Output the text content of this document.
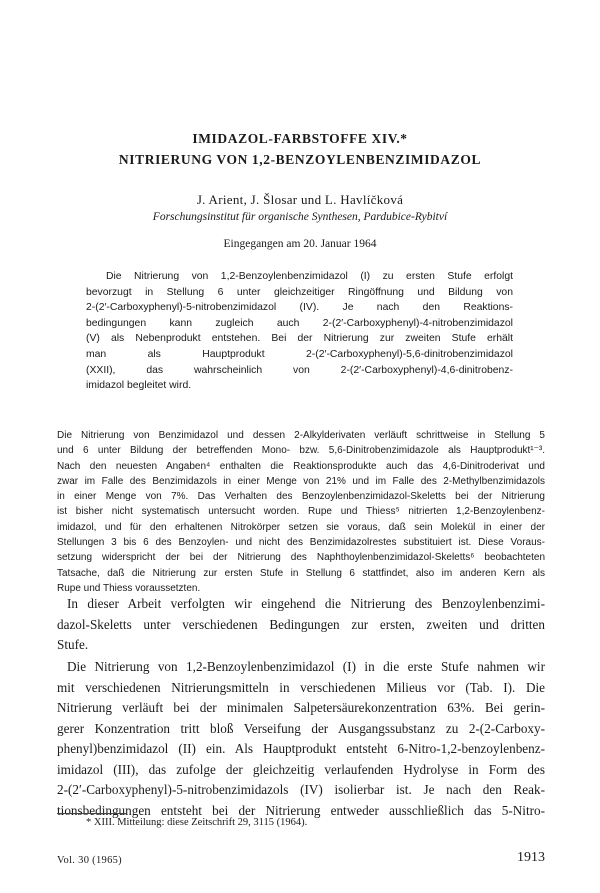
IMIDAZOL-FARBSTOFFE XIV.*
NITRIERUNG VON 1,2-BENZOYLENBENZIMIDAZOL
J. Arient, J. Šlosar und L. Havlíčková
Forschungsinstitut für organische Synthesen, Pardubice-Rybitví
Eingegangen am 20. Januar 1964
Die Nitrierung von 1,2-Benzoylenbenzimidazol (I) zu ersten Stufe erfolgt
bevorzugt in Stellung 6 unter gleichzeitiger Ringöffnung und Bildung von
2-(2′-Carboxyphenyl)-5-nitrobenzimidazol (IV). Je nach den Reaktions-
bedingungen kann zugleich auch 2-(2′-Carboxyphenyl)-4-nitrobenzimidazol
(V) als Nebenprodukt entstehen. Bei der Nitrierung zur zweiten Stufe erhält
man als Hauptprodukt 2-(2′-Carboxyphenyl)-5,6-dinitrobenzimidazol
(XXII), das wahrscheinlich von 2-(2′-Carboxyphenyl)-4,6-dinitrobenz-
imidazol begleitet wird.
Die Nitrierung von Benzimidazol und dessen 2-Alkylderivaten verläuft schrittweise in Stellung 5
und 6 unter Bildung der betreffenden Mono- bzw. 5,6-Dinitrobenzimidazole als Hauptprodukt¹⁻³.
Nach den neuesten Angaben⁴ enthalten die Reaktionsprodukte auch das 4,6-Dinitroderivat und
zwar im Falle des Benzimidazols in einer Menge von 21% und im Falle des 2-Methylbenzimidazols
in einer Menge von 7%. Das Verhalten des Benzoylenbenzimidazol-Skeletts bei der Nitrierung
ist bisher nicht systematisch untersucht worden. Rupe und Thiess⁵ nitrierten 1,2-Benzoylenbenz-
imidazol, und für den erhaltenen Nitrokörper setzen sie voraus, daß sein Molekül in einer der
Stellungen 3 bis 6 des Benzoylen- und nicht des Benzimidazolrestes substituiert ist. Diese Voraus-
setzung widerspricht der bei der Nitrierung des Naphthoylenbenzimidazol-Skeletts⁶ beobachteten
Tatsache, daß die Nitrierung zur ersten Stufe in Stellung 6 stattfindet, also im anderen Kern als
Rupe und Thiess voraussetzten.
In dieser Arbeit verfolgten wir eingehend die Nitrierung des Benzoylenbenzimi-
dazol-Skeletts unter verschiedenen Bedingungen zur ersten, zweiten und dritten
Stufe.
Die Nitrierung von 1,2-Benzoylenbenzimidazol (I) in die erste Stufe nahmen wir
mit verschiedenen Nitrierungsmitteln in verschiedenen Milieus vor (Tab. I). Die
Nitrierung verläuft bei der minimalen Salpetersäurekonzentration 63%. Bei gerin-
gerer Konzentration tritt bloß Verseifung der Ausgangssubstanz zu 2-(2-Carboxy-
phenyl)benzimidazol (II) ein. Als Hauptprodukt entsteht 6-Nitro-1,2-benzoylenbenz-
imidazol (III), das zufolge der gleichzeitig verlaufenden Hydrolyse in Form des
2-(2′-Carboxyphenyl)-5-nitrobenzimidazols (IV) isolierbar ist. Je nach den Reak-
tionsbedingungen entsteht bei der Nitrierung entweder ausschließlich das 5-Nitro-
* XIII. Mitteilung: diese Zeitschrift 29, 3115 (1964).
Vol. 30 (1965)	1913
